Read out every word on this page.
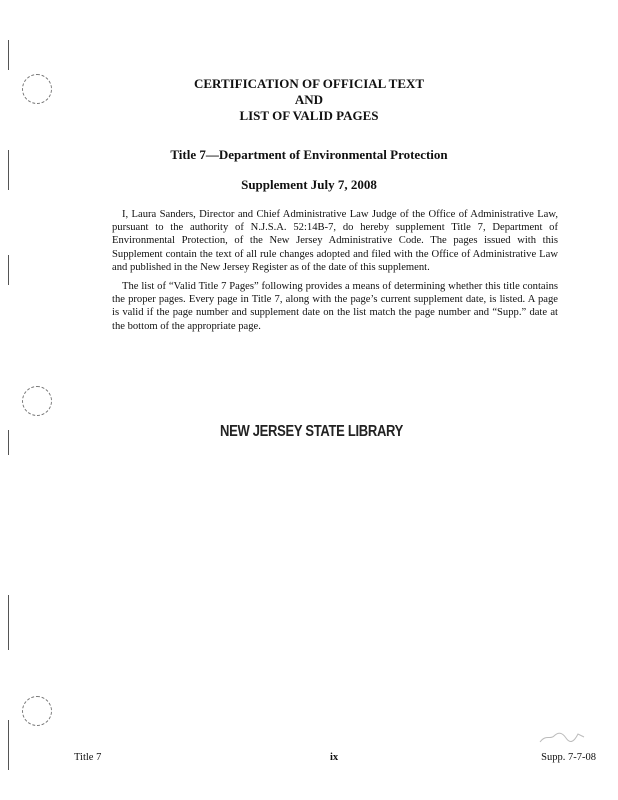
CERTIFICATION OF OFFICIAL TEXT
AND
LIST OF VALID PAGES
Title 7—Department of Environmental Protection
Supplement July 7, 2008

I, Laura Sanders, Director and Chief Administrative Law Judge of the Office of Administrative Law, pursuant to the authority of N.J.S.A. 52:14B-7, do hereby supplement Title 7, Department of Environmental Protection, of the New Jersey Administrative Code. The pages issued with this Supplement contain the text of all rule changes adopted and filed with the Office of Administrative Law and published in the New Jersey Register as of the date of this supplement.

The list of “Valid Title 7 Pages” following provides a means of determining whether this title contains the proper pages. Every page in Title 7, along with the page’s current supplement date, is listed. A page is valid if the page number and supplement date on the list match the page number and “Supp.” date at the bottom of the appropriate page.

NEW JERSEY STATE LIBRARY
Title 7	ix	Supp. 7-7-08
